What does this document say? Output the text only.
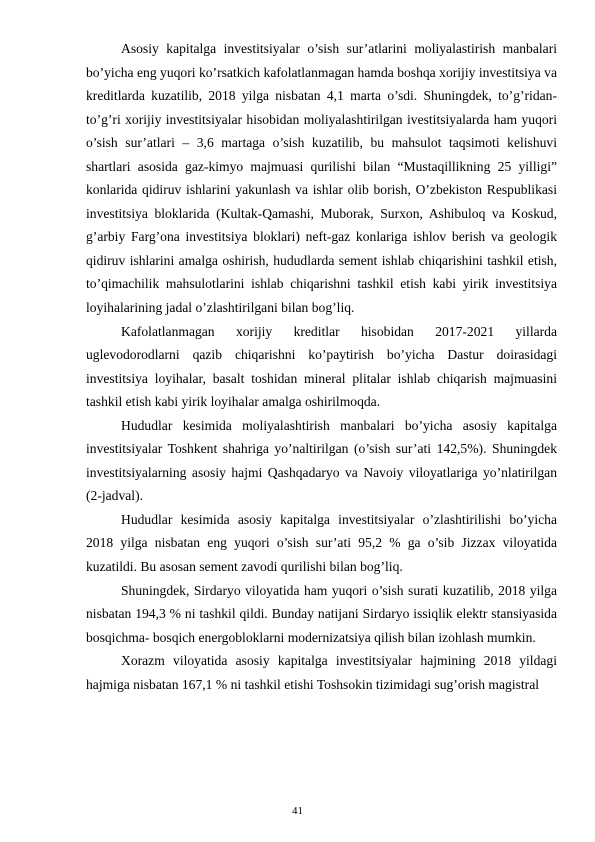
Asosiy kapitalga investitsiyalar o’sish sur’atlarini moliyalastirish manbalari bo’yicha eng yuqori ko’rsatkich kafolatlanmagan hamda boshqa xorijiy investitsiya va kreditlarda kuzatilib, 2018 yilga nisbatan 4,1 marta o’sdi. Shuningdek, to’g’ridan- to’g’ri xorijiy investitsiyalar hisobidan moliyalashtirilgan ivestitsiyalarda ham yuqori o’sish sur’atlari – 3,6 martaga o’sish kuzatilib, bu mahsulot taqsimoti kelishuvi shartlari asosida gaz-kimyo majmuasi qurilishi bilan “Mustaqillikning 25 yilligi” konlarida qidiruv ishlarini yakunlash va ishlar olib borish, O’zbekiston Respublikasi investitsiya bloklarida (Kultak-Qamashi, Muborak, Surxon, Ashibuloq va Koskud, g’arbiy Farg’ona investitsiya bloklari) neft-gaz konlariga ishlov berish va geologik qidiruv ishlarini amalga oshirish, hududlarda sement ishlab chiqarishini tashkil etish, to’qimachilik mahsulotlarini ishlab chiqarishni tashkil etish kabi yirik investitsiya loyihalarining jadal o’zlashtirilgani bilan bog’liq.

Kafolatlanmagan xorijiy kreditlar hisobidan 2017-2021 yillarda uglevodorodlarni qazib chiqarishni ko’paytirish bo’yicha Dastur doirasidagi investitsiya loyihalar, basalt toshidan mineral plitalar ishlab chiqarish majmuasini tashkil etish kabi yirik loyihalar amalga oshirilmoqda.

Hududlar kesimida moliyalashtirish manbalari bo’yicha asosiy kapitalga investitsiyalar Toshkent shahriga yo’naltirilgan (o’sish sur’ati 142,5%). Shuningdek investitsiyalarning asosiy hajmi Qashqadaryo va Navoiy viloyatlariga yo’nlatirilgan (2-jadval).

Hududlar kesimida asosiy kapitalga investitsiyalar o’zlashtirilishi bo’yicha 2018 yilga nisbatan eng yuqori o’sish sur’ati 95,2 % ga o’sib Jizzax viloyatida kuzatildi. Bu asosan sement zavodi qurilishi bilan bog’liq.

Shuningdek, Sirdaryo viloyatida ham yuqori o’sish surati kuzatilib, 2018 yilga nisbatan 194,3 % ni tashkil qildi. Bunday natijani Sirdaryo issiqlik elektr stansiyasida bosqichma- bosqich energobloklarni modernizatsiya qilish bilan izohlash mumkin.

Xorazm viloyatida asosiy kapitalga investitsiyalar hajmining 2018 yildagi hajmiga nisbatan 167,1 % ni tashkil etishi Toshsokin tizimidagi sug’orish magistral

41
